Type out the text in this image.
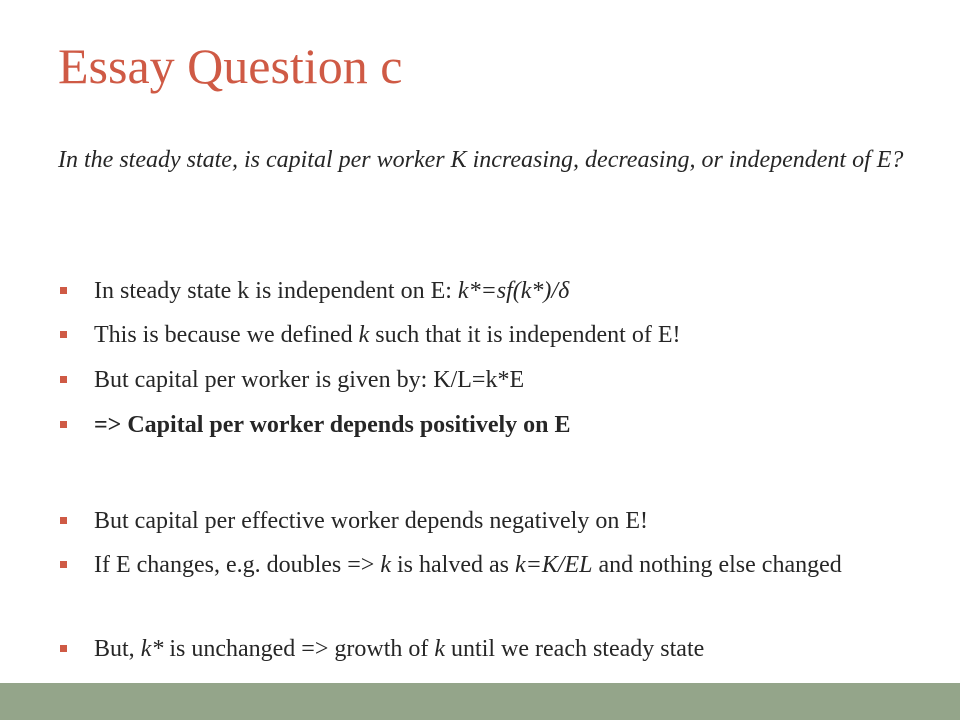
Essay Question c
In the steady state, is capital per worker K increasing, decreasing, or independent of E?
In steady state k is independent on E: k*=sf(k*)/δ
This is because we defined k such that it is independent of E!
But capital per worker is given by: K/L=k*E
=> Capital per worker depends positively on E
But capital per effective worker depends negatively on E!
If E changes, e.g. doubles => k is halved as k=K/EL and nothing else changed
But, k* is unchanged => growth of k until we reach steady state
